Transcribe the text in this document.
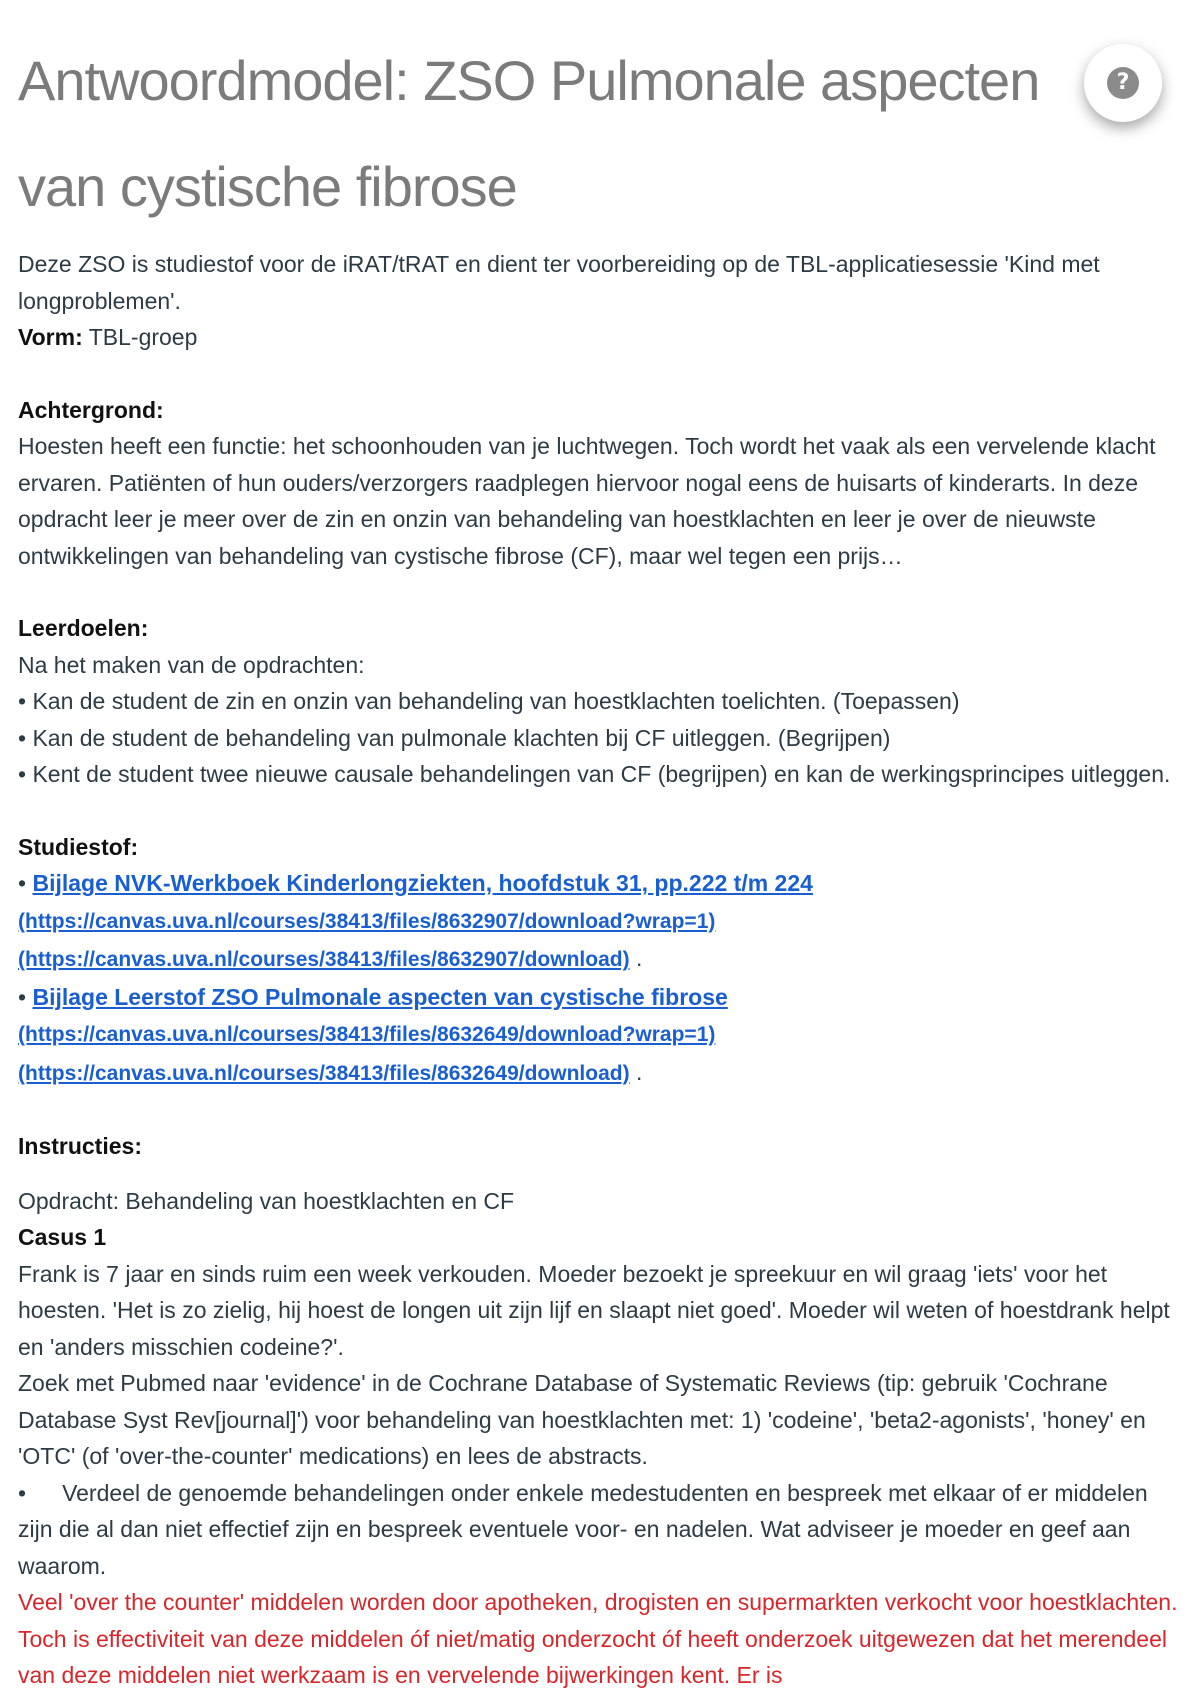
Antwoordmodel: ZSO Pulmonale aspecten
van cystische fibrose

Deze ZSO is studiestof voor de iRAT/tRAT en dient ter voorbereiding op de TBL-applicatiesessie 'Kind met longproblemen'.

Vorm: TBL-groep

Achtergrond:

Hoesten heeft een functie: het schoonhouden van je luchtwegen. Toch wordt het vaak als een vervelende klacht ervaren. Patiënten of hun ouders/verzorgers raadplegen hiervoor nogal eens de huisarts of kinderarts. In deze opdracht leer je meer over de zin en onzin van behandeling van hoestklachten en leer je over de nieuwste ontwikkelingen van behandeling van cystische fibrose (CF), maar wel tegen een prijs…

Leerdoelen:

Na het maken van de opdrachten:

• Kan de student de zin en onzin van behandeling van hoestklachten toelichten. (Toepassen)

• Kan de student de behandeling van pulmonale klachten bij CF uitleggen. (Begrijpen)

• Kent de student twee nieuwe causale behandelingen van CF (begrijpen) en kan de werkingsprincipes uitleggen.

Studiestof:

• Bijlage NVK-Werkboek Kinderlongziekten, hoofdstuk 31, pp.222 t/m 224

(https://canvas.uva.nl/courses/38413/files/8632907/download?wrap=1)

(https://canvas.uva.nl/courses/38413/files/8632907/download) .

• Bijlage Leerstof ZSO Pulmonale aspecten van cystische fibrose

(https://canvas.uva.nl/courses/38413/files/8632649/download?wrap=1)

(https://canvas.uva.nl/courses/38413/files/8632649/download) .

Instructies:

Opdracht: Behandeling van hoestklachten en CF

Casus 1

Frank is 7 jaar en sinds ruim een week verkouden. Moeder bezoekt je spreekuur en wil graag 'iets' voor het hoesten. 'Het is zo zielig, hij hoest de longen uit zijn lijf en slaapt niet goed'. Moeder wil weten of hoestdrank helpt en 'anders misschien codeine?'.

Zoek met Pubmed naar 'evidence' in de Cochrane Database of Systematic Reviews (tip: gebruik 'Cochrane Database Syst Rev[journal]') voor behandeling van hoestklachten met: 1) 'codeine', 'beta2-agonists', 'honey' en 'OTC' (of 'over-the-counter' medications) en lees de abstracts.

• Verdeel de genoemde behandelingen onder enkele medestudenten en bespreek met elkaar of er middelen zijn die al dan niet effectief zijn en bespreek eventuele voor- en nadelen. Wat adviseer je moeder en geef aan waarom.

Veel 'over the counter' middelen worden door apotheken, drogisten en supermarkten verkocht voor hoestklachten. Toch is effectiviteit van deze middelen óf niet/matig onderzocht óf heeft onderzoek uitgewezen dat het merendeel van deze middelen niet werkzaam is en vervelende bijwerkingen kent. Er is

?
